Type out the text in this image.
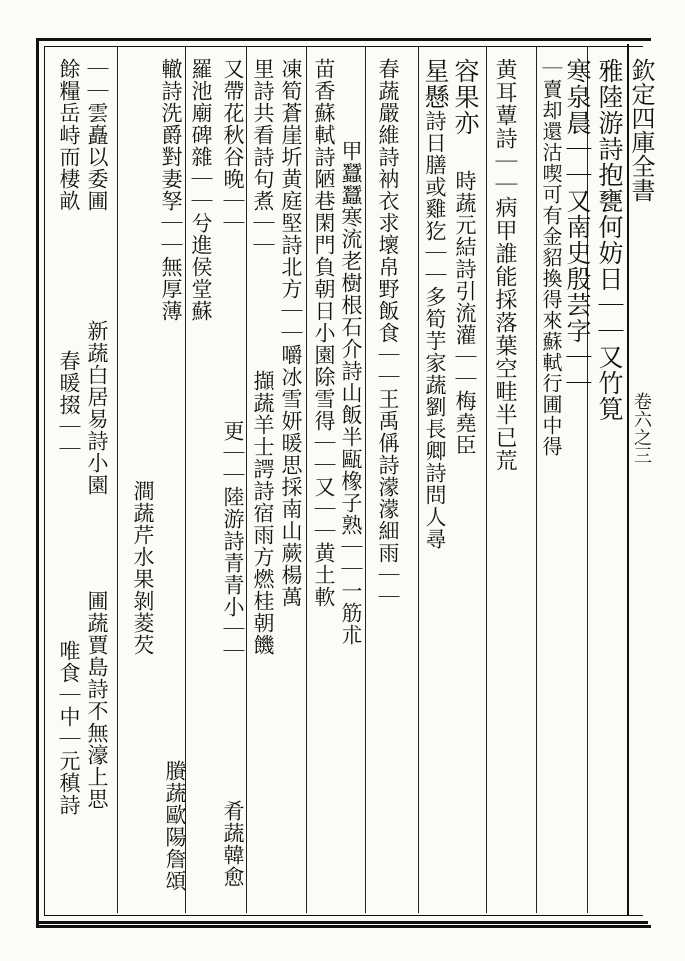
欽定四庫全書
卷六之三
雅陸游詩抱甕何妨日｜｜又竹筧
寒泉晨｜｜又南史殷芸字｜｜
｜賣却還沽喫可有金貂換得來蘇軾行圃中得
黄耳蕈詩｜｜病甲誰能採落葉空畦半已荒
容果亦
星懸
時蔬元結詩引流灌｜｜梅堯臣
詩日膳或雞犵｜｜多筍芋家蔬劉長卿詩問人尋
春蔬嚴維詩衲衣求壞帛野飯食｜｜王禹偁詩濛濛細雨｜｜
甲蠶蠶寒流老樹根石介詩山飯半甌橡子熟｜｜一筋朮
苗香蘇軾詩陋巷閑門負朝日小園除雪得｜｜又｜｜黄土軟
凍筍蒼崖圻黄庭堅詩北方｜｜嚼冰雪妍暖思採南山蕨楊萬
里詩共看詩句煮｜｜
又帶花秋谷晚｜｜
擷蔬羊士諤詩宿雨方燃桂朝饑
更｜｜陸游詩青青小｜｜
肴蔬韓愈
羅池廟碑雜｜｜兮進侯堂蘇
轍詩洗爵對妻孥｜｜無厚薄
澗蔬芹水果剝菱芡
賸蔬歐陽詹頌
｜｜雲矗以委圃
餘糧岳峙而棲畝
新蔬白居易詩小園
春暖掇｜｜
圃蔬賈島詩不無濠上思
唯食｜中｜元稹詩
